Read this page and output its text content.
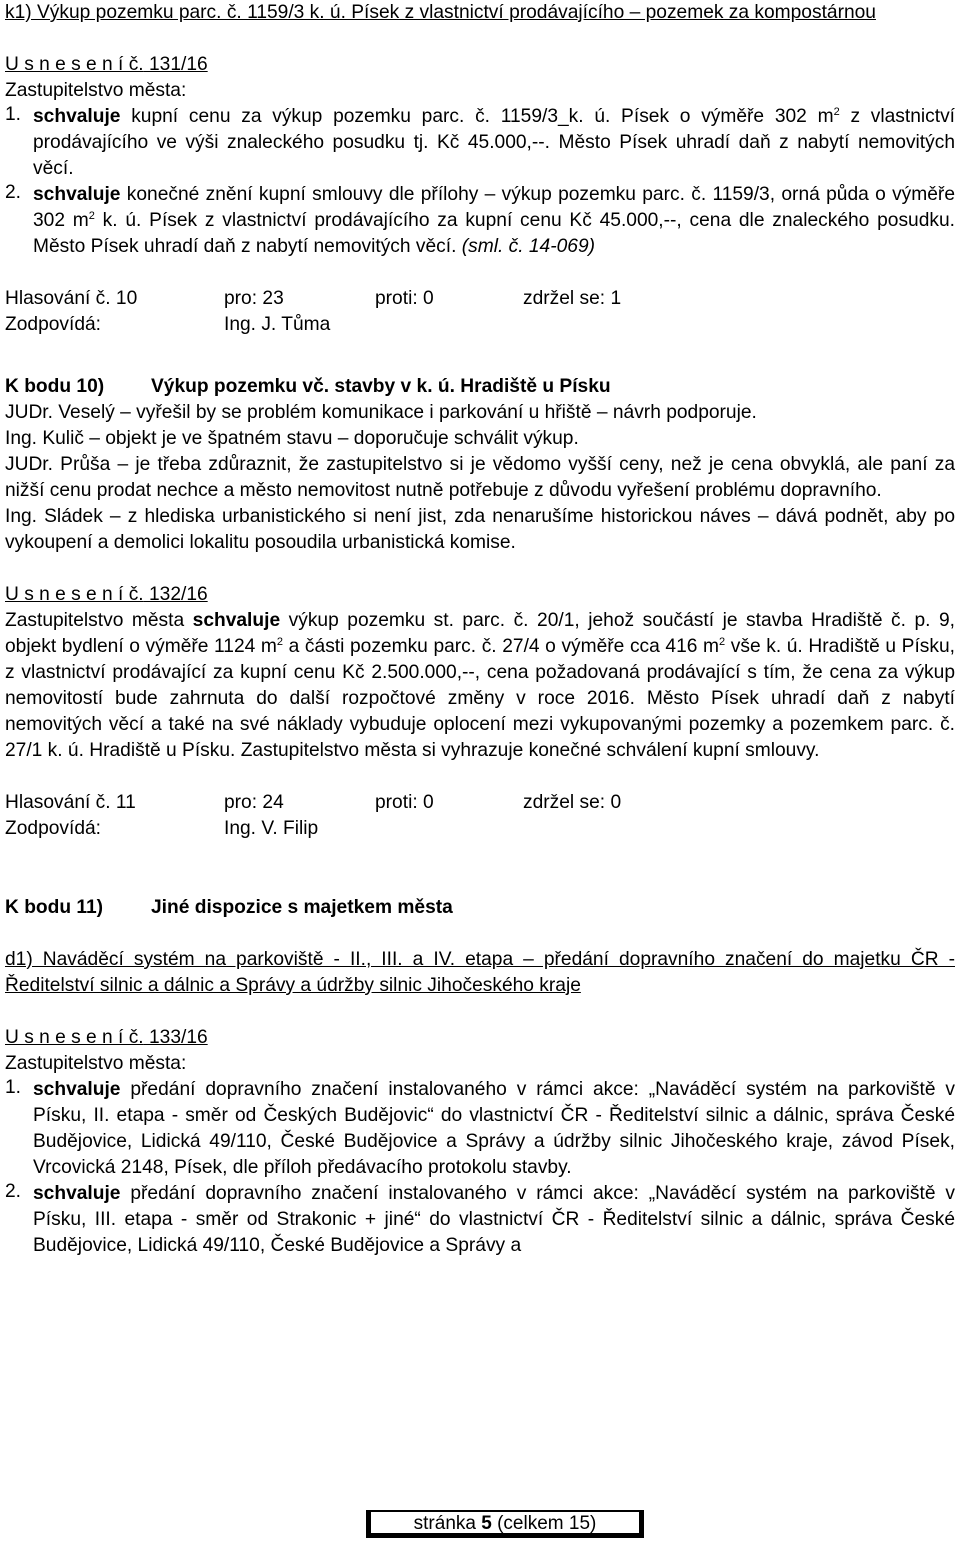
k1) Výkup pozemku parc. č. 1159/3 k. ú. Písek z vlastnictví prodávajícího – pozemek za kompostárnou

U s n e s e n í č. 131/16

Zastupitelstvo města:

1. schvaluje kupní cenu za výkup pozemku parc. č. 1159/3_k. ú. Písek o výměře 302 $m^2$ z vlastnictví prodávajícího ve výši znaleckého posudku tj. Kč 45.000,--. Město Písek uhradí daň z nabytí nemovitých věcí.

2. schvaluje konečné znění kupní smlouvy dle přílohy – výkup pozemku parc. č. 1159/3, orná půda o výměře 302 $m^2$ k. ú. Písek z vlastnictví prodávajícího za kupní cenu Kč 45.000,--, cena dle znaleckého posudku. Město Písek uhradí daň z nabytí nemovitých věcí. (sml. č. 14-069)

Hlasování č. 10	pro: 23	proti: 0	zdržel se: 1
Zodpovídá:	Ing. J. Tůma
K bodu 10) Výkup pozemku vč. stavby v k. ú. Hradiště u Písku

JUDr. Veselý – vyřešil by se problém komunikace i parkování u hřiště – návrh podporuje.

Ing. Kulič – objekt je ve špatném stavu – doporučuje schválit výkup.

JUDr. Průša – je třeba zdůraznit, že zastupitelstvo si je vědomo vyšší ceny, než je cena obvyklá, ale paní za nižší cenu prodat nechce a město nemovitost nutně potřebuje z důvodu vyřešení problému dopravního.

Ing. Sládek – z hlediska urbanistického si není jist, zda nenarušíme historickou náves – dává podnět, aby po vykoupení a demolici lokalitu posoudila urbanistická komise.

U s n e s e n í č. 132/16

Zastupitelstvo města schvaluje výkup pozemku st. parc. č. 20/1, jehož součástí je stavba Hradiště č. p. 9, objekt bydlení o výměře 1124 $m^2$ a části pozemku parc. č. 27/4 o výměře cca 416 $m^2$ vše k. ú. Hradiště u Písku, z vlastnictví prodávající za kupní cenu Kč 2.500.000,--, cena požadovaná prodávající s tím, že cena za výkup nemovitostí bude zahrnuta do další rozpočtové změny v roce 2016. Město Písek uhradí daň z nabytí nemovitých věcí a také na své náklady vybuduje oplocení mezi vykupovanými pozemky a pozemkem parc. č. 27/1 k. ú. Hradiště u Písku. Zastupitelstvo města si vyhrazuje konečné schválení kupní smlouvy.

Hlasování č. 11	pro: 24	proti: 0	zdržel se: 0
Zodpovídá:	Ing. V. Filip
K bodu 11) Jiné dispozice s majetkem města

d1) Naváděcí systém na parkoviště - II., III. a IV. etapa – předání dopravního značení do majetku ČR - Ředitelství silnic a dálnic a Správy a údržby silnic Jihočeského kraje

U s n e s e n í č. 133/16

Zastupitelstvo města:

1. schvaluje předání dopravního značení instalovaného v rámci akce: „Naváděcí systém na parkoviště v Písku, II. etapa - směr od Českých Budějovic“ do vlastnictví ČR - Ředitelství silnic a dálnic, správa České Budějovice, Lidická 49/110, České Budějovice a Správy a údržby silnic Jihočeského kraje, závod Písek, Vrcovická 2148, Písek, dle příloh předávacího protokolu stavby.

2. schvaluje předání dopravního značení instalovaného v rámci akce: „Naváděcí systém na parkoviště v Písku, III. etapa - směr od Strakonic + jiné“ do vlastnictví ČR - Ředitelství silnic a dálnic, správa České Budějovice, Lidická 49/110, České Budějovice a Správy a

stránka 5 (celkem 15)
